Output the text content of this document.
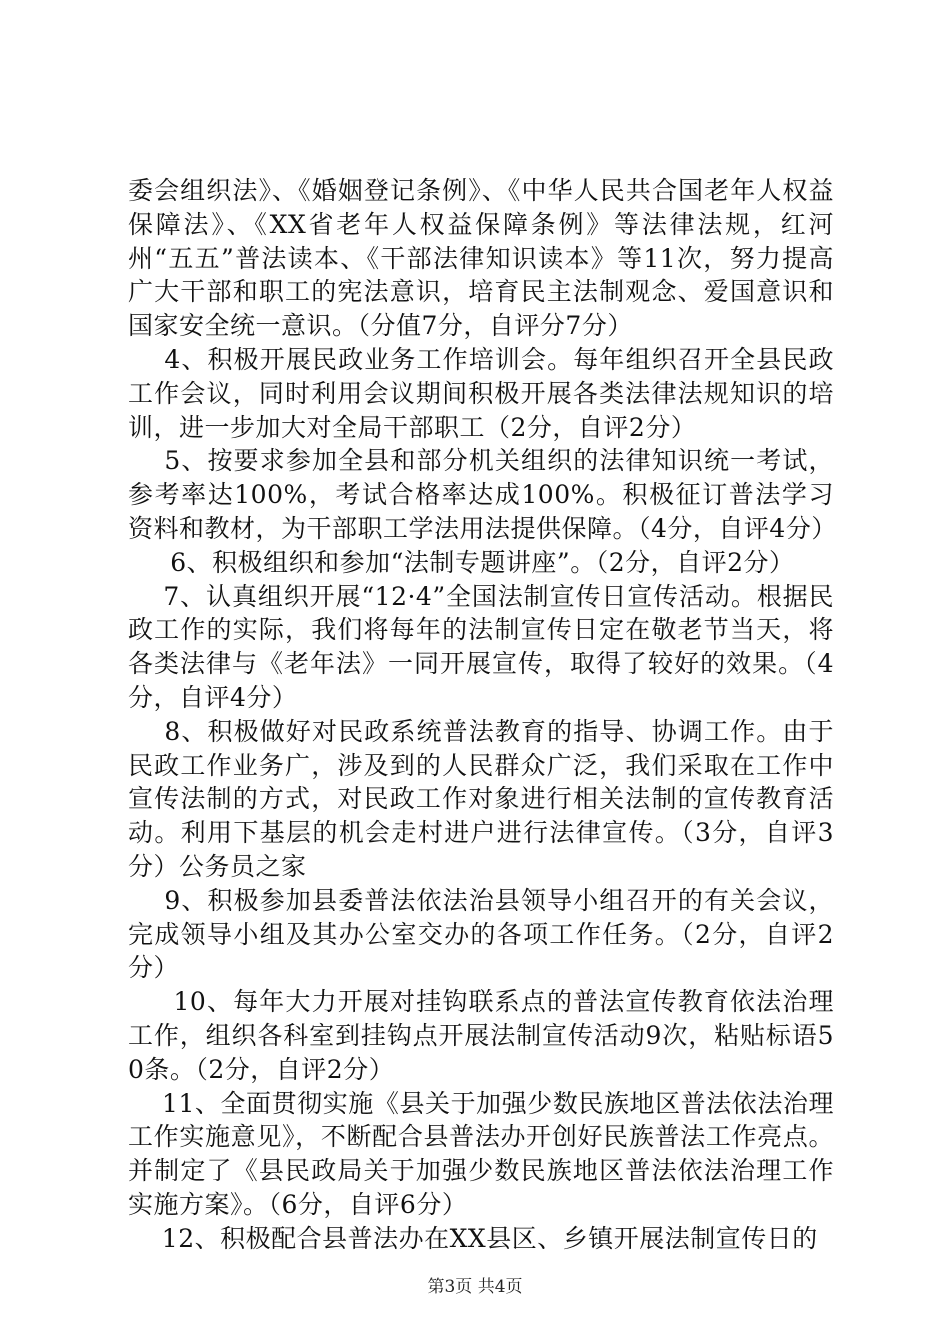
委会组织法》、《婚姻登记条例》、《中华人民共合国老年人权益保障法》、《XX省老年人权益保障条例》等法律法规，红河州“五五”普法读本、《干部法律知识读本》等11次，努力提高广大干部和职工的宪法意识，培育民主法制观念、爱国意识和国家安全统一意识。（分值7分，自评分7分）

4、积极开展民政业务工作培训会。每年组织召开全县民政工作会议，同时利用会议期间积极开展各类法律法规知识的培训，进一步加大对全局干部职工（2分，自评2分）

5、按要求参加全县和部分机关组织的法律知识统一考试，参考率达100%，考试合格率达成100%。积极征订普法学习资料和教材，为干部职工学法用法提供保障。（4分，自评4分）

6、积极组织和参加“法制专题讲座”。（2分，自评2分）

7、认真组织开展“12·4”全国法制宣传日宣传活动。根据民政工作的实际，我们将每年的法制宣传日定在敬老节当天，将各类法律与《老年法》一同开展宣传，取得了较好的效果。（4分，自评4分）

8、积极做好对民政系统普法教育的指导、协调工作。由于民政工作业务广，涉及到的人民群众广泛，我们采取在工作中宣传法制的方式，对民政工作对象进行相关法制的宣传教育活动。利用下基层的机会走村进户进行法律宣传。（3分，自评3分）公务员之家

9、积极参加县委普法依法治县领导小组召开的有关会议，完成领导小组及其办公室交办的各项工作任务。（2分，自评2分）

10、每年大力开展对挂钩联系点的普法宣传教育依法治理工作，组织各科室到挂钩点开展法制宣传活动9次，粘贴标语50条。（2分，自评2分）

11、全面贯彻实施《县关于加强少数民族地区普法依法治理工作实施意见》，不断配合县普法办开创好民族普法工作亮点。并制定了《县民政局关于加强少数民族地区普法依法治理工作实施方案》。（6分，自评6分）

12、积极配合县普法办在XX县区、乡镇开展法制宣传日的

第3页 共4页
